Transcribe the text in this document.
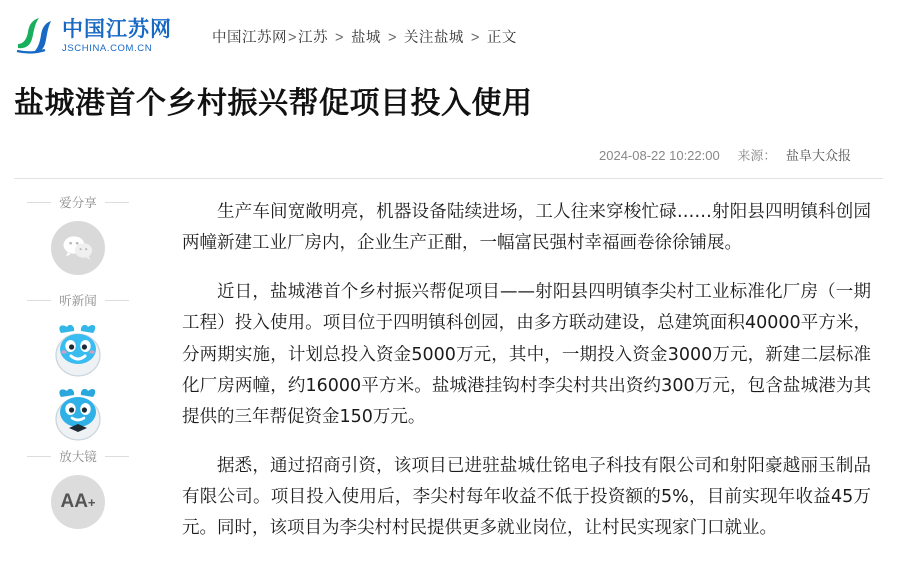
中国江苏网
JSCHINA.COM.CN
中国江苏网>江苏 > 盐城 > 关注盐城 > 正文
盐城港首个乡村振兴帮促项目投入使用
2024-08-22 10:22:00 来源： 盐阜大众报
爱分享
听新闻
放大镜
AA +

生产车间宽敞明亮，机器设备陆续进场，工人往来穿梭忙碌……射阳县四明镇科创园两幢新建工业厂房内，企业生产正酣，一幅富民强村幸福画卷徐徐铺展。

近日，盐城港首个乡村振兴帮促项目——射阳县四明镇李尖村工业标准化厂房（一期工程）投入使用。项目位于四明镇科创园，由多方联动建设，总建筑面积40000平方米，分两期实施，计划总投入资金5000万元，其中，一期投入资金3000万元，新建二层标准化厂房两幢，约16000平方米。盐城港挂钩村李尖村共出资约300万元，包含盐城港为其提供的三年帮促资金150万元。

据悉，通过招商引资，该项目已进驻盐城仕铭电子科技有限公司和射阳豪越丽玉制品有限公司。项目投入使用后，李尖村每年收益不低于投资额的5%，目前实现年收益45万元。同时，该项目为李尖村村民提供更多就业岗位，让村民实现家门口就业。
